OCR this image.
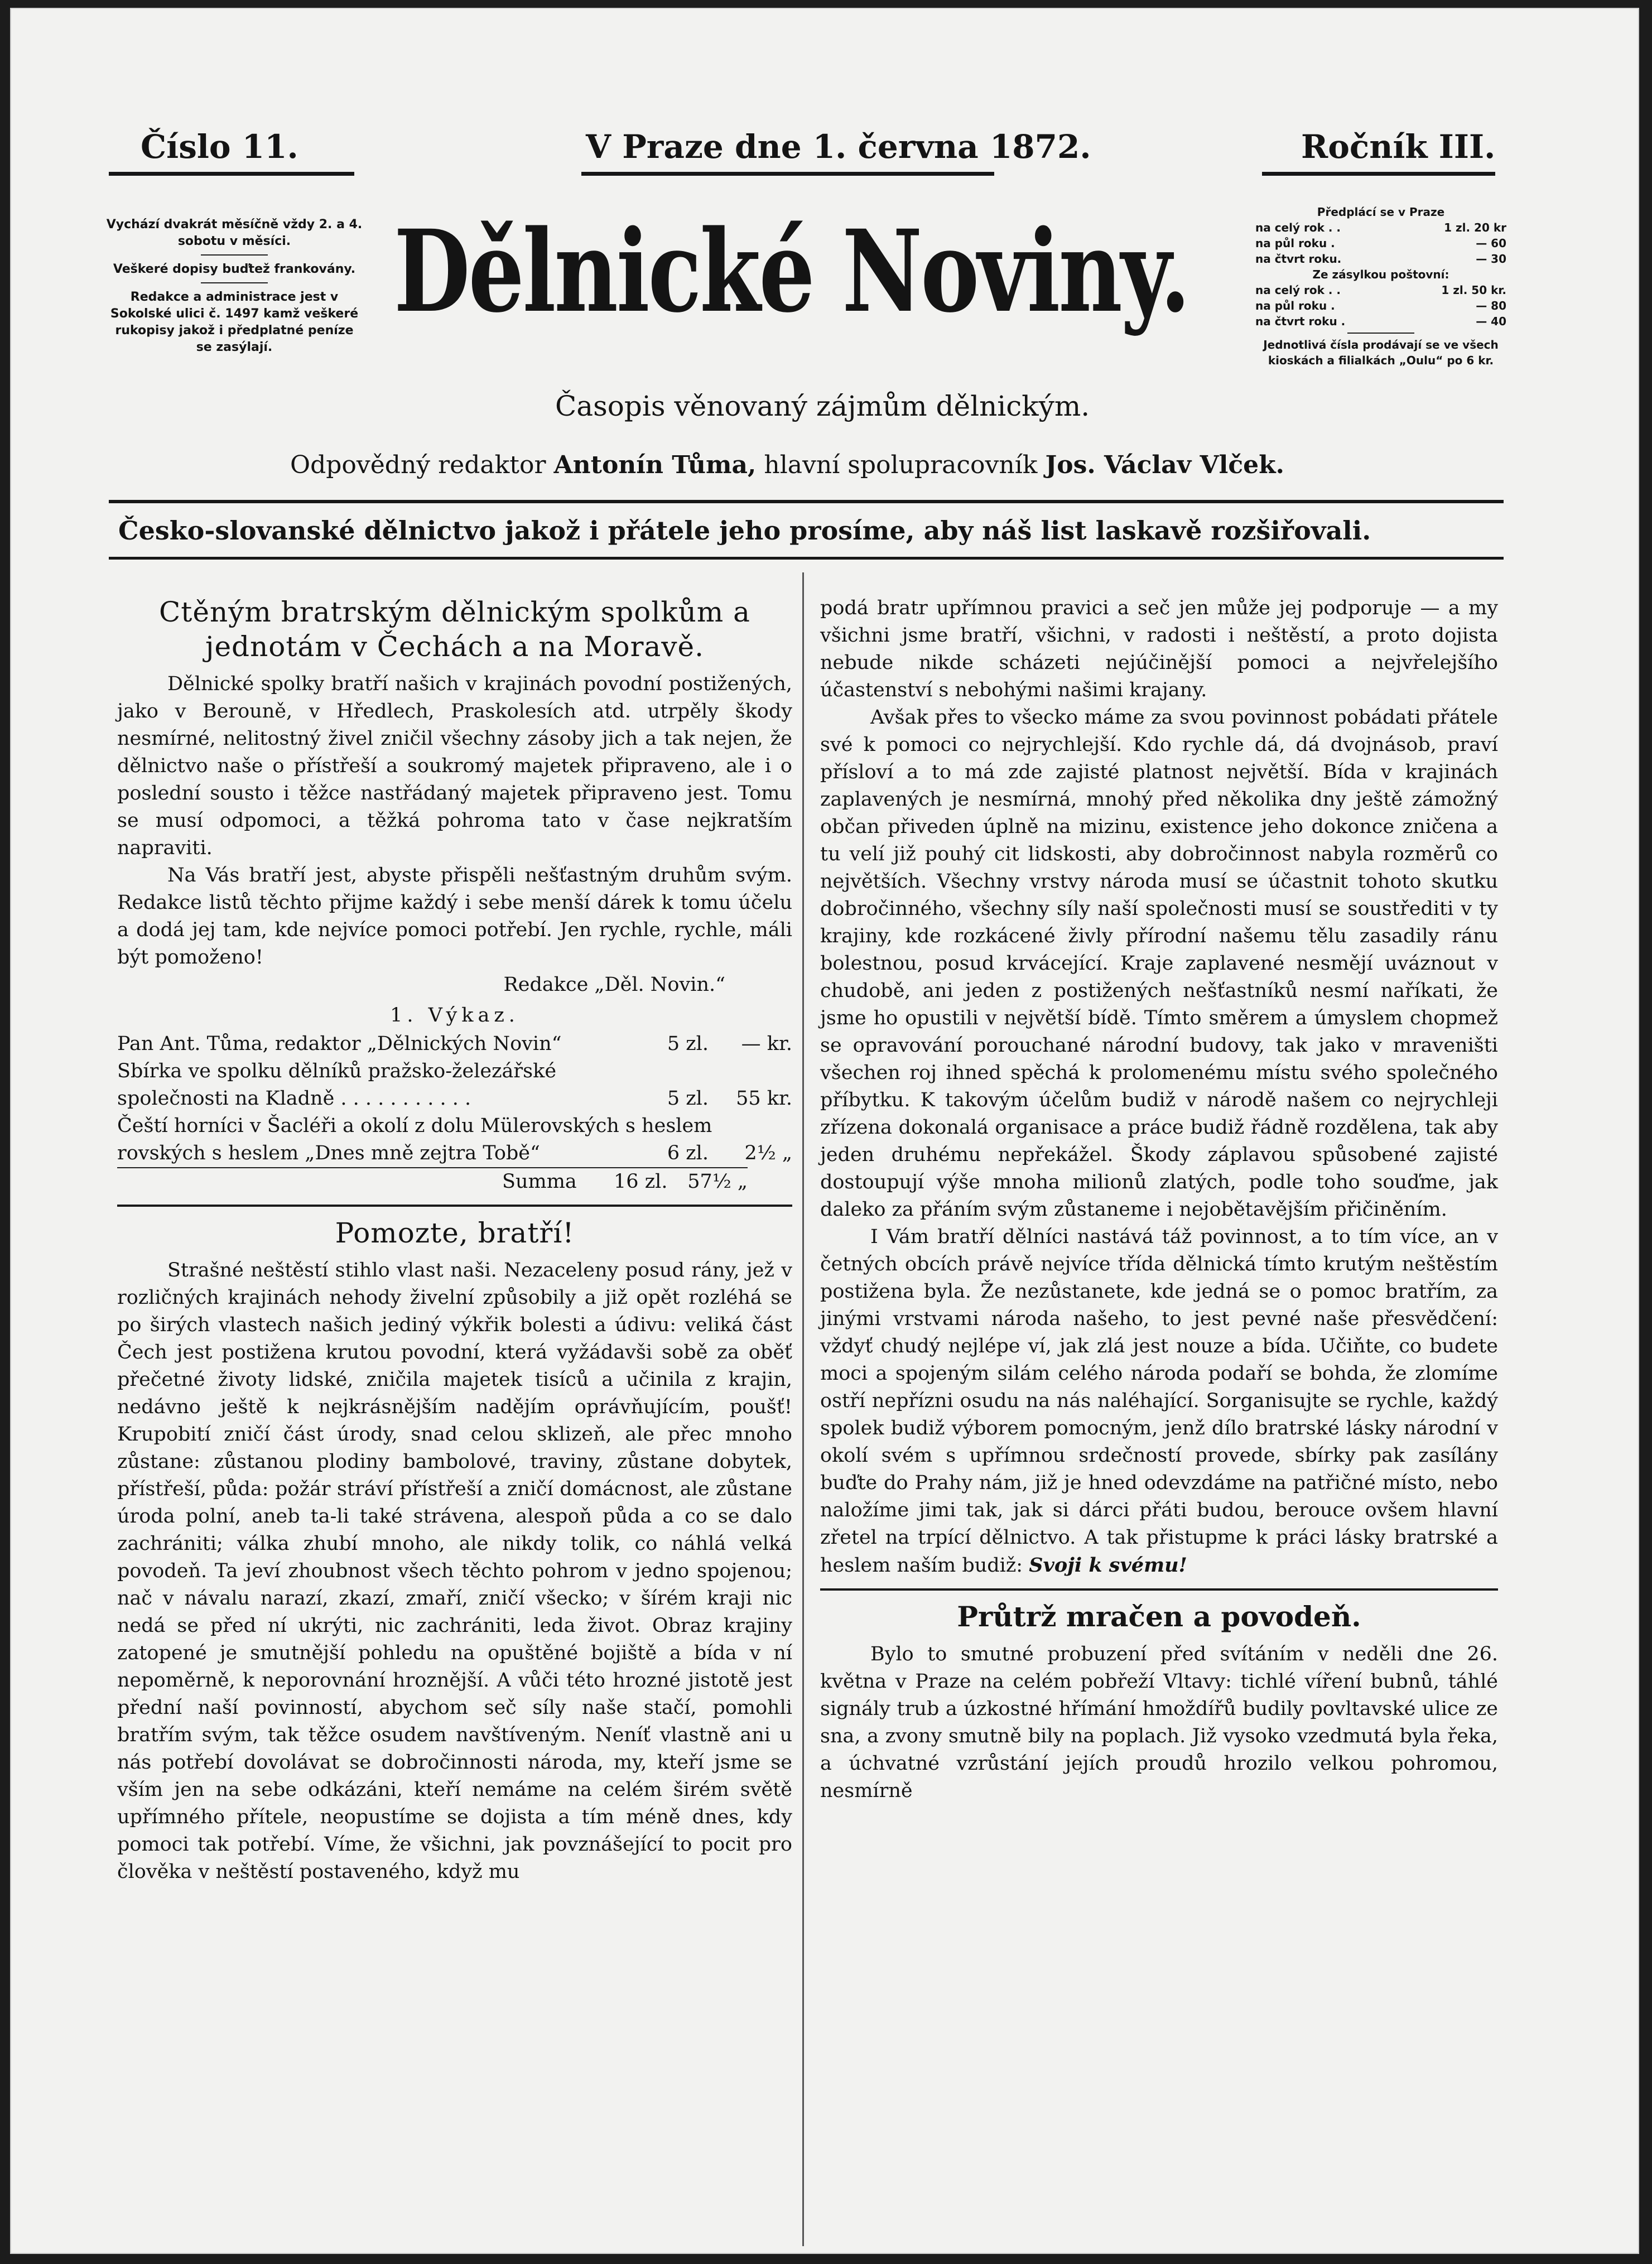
Číslo 11.	V Praze dne 1. června 1872.	Ročník III.

Vychází dvakrát měsíčně vždy 2. a 4. sobotu v měsíci.

Veškeré dopisy buďtež frankovány.

Redakce a administrace jest v Sokolské ulici č. 1497 kamž veškeré rukopisy jakož i předplatné peníze se zasýlají.

Dělnické Noviny.
Časopis věnovaný zájmům dělnickým.
Odpovědný redaktor Antonín Tůma, hlavní spolupracovník Jos. Václav Vlček.
Předplácí se v Praze
na celý rok . .	1 zl. 20 kr
na půl roku .	— 60
na čtvrt roku.	— 30
Ze zásylkou poštovní:
na celý rok . .	1 zl. 50 kr.
na půl roku .	— 80
na čtvrt roku .	— 40
Jednotlivá čísla prodávají se ve všech kioskách a filialkách „Oulu“ po 6 kr.
Česko-slovanské dělnictvo jakož i přátele jeho prosíme, aby náš list laskavě rozšiřovali.
Ctěným bratrským dělnickým spolkům a jednotám v Čechách a na Moravě.

Dělnické spolky bratří našich v krajinách povodní postižených, jako v Berouně, v Hředlech, Praskolesích atd. utrpěly škody nesmírné, nelitostný živel zničil všechny zásoby jich a tak nejen, že dělnictvo naše o přístřeší a soukromý majetek připraveno, ale i o poslední sousto i těžce nastřádaný majetek připraveno jest. Tomu se musí odpomoci, a těžká pohroma tato v čase nejkratším napraviti.

Na Vás bratří jest, abyste přispěli nešťastným druhům svým. Redakce listů těchto přijme každý i sebe menší dárek k tomu účelu a dodá jej tam, kde nejvíce pomoci potřebí. Jen rychle, rychle, máli být pomoženo!

Redakce „Děl. Novin.“
1. Výkaz.
Pan Ant. Tůma, redaktor „Dělnických Novin“	5 zl.	— kr.
Sbírka ve spolku dělníků pražsko-železářské
společnosti na Kladně . . . . . . . . . . .	5 zl.	55 kr.
Čeští horníci v Šacléři a okolí z dolu Mülerovských s heslem
rovských s heslem „Dnes mně zejtra Tobě“	6 zl.	2½ „
Summa	16 zl.	57½ „
Pomozte, bratří!

Strašné neštěstí stihlo vlast naši. Nezaceleny posud rány, jež v rozličných krajinách nehody živelní způsobily a již opět rozléhá se po širých vlastech našich jediný výkřik bolesti a údivu: veliká část Čech jest postižena krutou povodní, která vyžádavši sobě za oběť přečetné životy lidské, zničila majetek tisíců a učinila z krajin, nedávno ještě k nejkrásnějším nadějím oprávňujícím, poušť! Krupobití zničí část úrody, snad celou sklizeň, ale přec mnoho zůstane: zůstanou plodiny bambolové, traviny, zůstane dobytek, přístřeší, půda: požár stráví přístřeší a zničí domácnost, ale zůstane úroda polní, aneb ta-li také strávena, alespoň půda a co se dalo zachrániti; válka zhubí mnoho, ale nikdy tolik, co náhlá velká povodeň. Ta jeví zhoubnost všech těchto pohrom v jedno spojenou; nač v návalu narazí, zkazí, zmaří, zničí všecko; v šírém kraji nic nedá se před ní ukrýti, nic zachrániti, leda život. Obraz krajiny zatopené je smutnější pohledu na opuštěné bojiště a bída v ní nepoměrně, k neporovnání hroznější. A vůči této hrozné jistotě jest přední naší povinností, abychom seč síly naše stačí, pomohli bratřím svým, tak těžce osudem navštíveným. Neníť vlastně ani u nás potřebí dovolávat se dobročinnosti národa, my, kteří jsme se vším jen na sebe odkázáni, kteří nemáme na celém širém světě upřímného přítele, neopustíme se dojista a tím méně dnes, kdy pomoci tak potřebí. Víme, že všichni, jak povznášející to pocit pro člověka v neštěstí postaveného, když mu

podá bratr upřímnou pravici a seč jen může jej podporuje — a my všichni jsme bratří, všichni, v radosti i neštěstí, a proto dojista nebude nikde scházeti nejúčinější pomoci a nejvřelejšího účastenství s nebohými našimi krajany.

Avšak přes to všecko máme za svou povinnost pobádati přátele své k pomoci co nejrychlejší. Kdo rychle dá, dá dvojnásob, praví přísloví a to má zde zajisté platnost největší. Bída v krajinách zaplavených je nesmírná, mnohý před několika dny ještě zámožný občan přiveden úplně na mizinu, existence jeho dokonce zničena a tu velí již pouhý cit lidskosti, aby dobročinnost nabyla rozměrů co největších. Všechny vrstvy národa musí se účastnit tohoto skutku dobročinného, všechny síly naší společnosti musí se soustřediti v ty krajiny, kde rozkácené živly přírodní našemu tělu zasadily ránu bolestnou, posud krvácející. Kraje zaplavené nesmějí uváznout v chudobě, ani jeden z postižených nešťastníků nesmí naříkati, že jsme ho opustili v největší bídě. Tímto směrem a úmyslem chopmež se opravování porouchané národní budovy, tak jako v mraveništi všechen roj ihned spěchá k prolomenému místu svého společného příbytku. K takovým účelům budiž v národě našem co nejrychleji zřízena dokonalá organisace a práce budiž řádně rozdělena, tak aby jeden druhému nepřekážel. Škody záplavou spůsobené zajisté dostoupují výše mnoha milionů zlatých, podle toho souďme, jak daleko za přáním svým zůstaneme i nejobětavějším přičiněním.

I Vám bratří dělníci nastává táž povinnost, a to tím více, an v četných obcích právě nejvíce třída dělnická tímto krutým neštěstím postižena byla. Že nezůstanete, kde jedná se o pomoc bratřím, za jinými vrstvami národa našeho, to jest pevné naše přesvědčení: vždyť chudý nejlépe ví, jak zlá jest nouze a bída. Učiňte, co budete moci a spojeným silám celého národa podaří se bohda, že zlomíme ostří nepřízni osudu na nás naléhající. Sorganisujte se rychle, každý spolek budiž výborem pomocným, jenž dílo bratrské lásky národní v okolí svém s upřímnou srdečností provede, sbírky pak zasílány buďte do Prahy nám, již je hned odevzdáme na patřičné místo, nebo naložíme jimi tak, jak si dárci přáti budou, berouce ovšem hlavní zřetel na trpící dělnictvo. A tak přistupme k práci lásky bratrské a heslem naším budiž: Svoji k svému!

Průtrž mračen a povodeň.

Bylo to smutné probuzení před svítáním v neděli dne 26. května v Praze na celém pobřeží Vltavy: tichlé víření bubnů, táhlé signály trub a úzkostné hřímání hmoždířů budily povltavské ulice ze sna, a zvony smutně bily na poplach. Již vysoko vzedmutá byla řeka, a úchvatné vzrůstání jejích proudů hrozilo velkou pohromou, nesmírně
